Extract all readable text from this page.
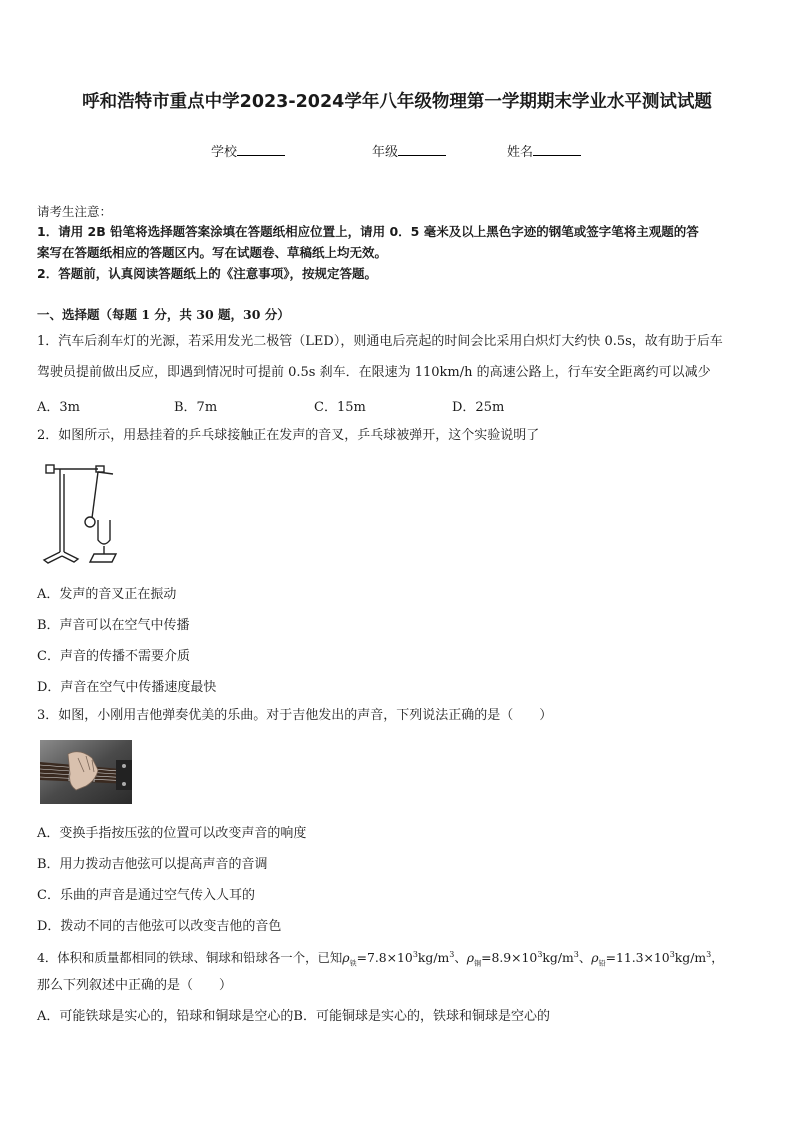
呼和浩特市重点中学2023-2024学年八年级物理第一学期期末学业水平测试试题
学校	年级	姓名
请考生注意：
1．请用 2B 铅笔将选择题答案涂填在答题纸相应位置上，请用 0．5 毫米及以上黑色字迹的钢笔或签字笔将主观题的答
案写在答题纸相应的答题区内。写在试题卷、草稿纸上均无效。
2．答题前，认真阅读答题纸上的《注意事项》，按规定答题。
一、选择题（每题 1 分，共 30 题，30 分）
1．汽车后刹车灯的光源，若采用发光二极管（LED），则通电后亮起的时间会比采用白炽灯大约快 0.5s，故有助于后车
驾驶员提前做出反应，即遇到情况时可提前 0.5s 刹车．在限速为 110km/h 的高速公路上，行车安全距离约可以减少
A．3m	B．7m	C．15m	D．25m
2．如图所示，用悬挂着的乒乓球接触正在发声的音叉，乒乓球被弹开，这个实验说明了
A．发声的音叉正在振动
B．声音可以在空气中传播
C．声音的传播不需要介质
D．声音在空气中传播速度最快
3．如图，小刚用吉他弹奏优美的乐曲。对于吉他发出的声音，下列说法正确的是（　　）
A．变换手指按压弦的位置可以改变声音的响度
B．用力拨动吉他弦可以提高声音的音调
C．乐曲的声音是通过空气传入人耳的
D．拨动不同的吉他弦可以改变吉他的音色
4．体积和质量都相同的铁球、铜球和铅球各一个，已知$\rho_铁=7.8\times 10^3kg/m^3$、$\rho_铜=8.9\times 10^3kg/m^3$、$\rho_铅=11.3\times 10^3kg/m^3$，
那么下列叙述中正确的是（　　）
A．可能铁球是实心的，铅球和铜球是空心的B．可能铜球是实心的，铁球和铜球是空心的
